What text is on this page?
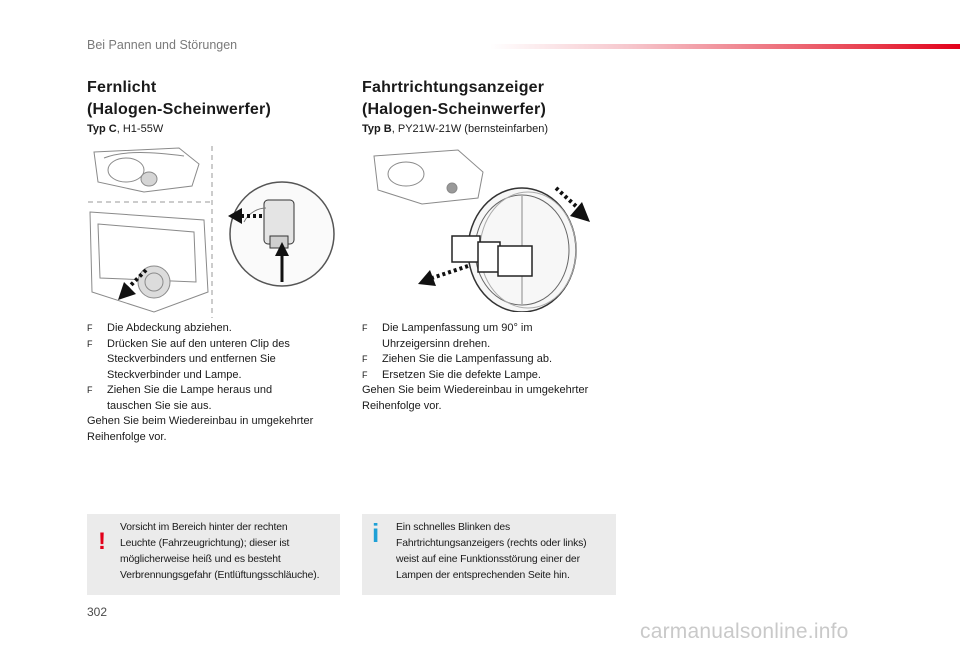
Bei Pannen und Störungen
Fernlicht
(Halogen-Scheinwerfer)
Typ C, H1-55W
F Die Abdeckung abziehen.
F Drücken Sie auf den unteren Clip des
Steckverbinders und entfernen Sie
Steckverbinder und Lampe.
F Ziehen Sie die Lampe heraus und
tauschen Sie sie aus.
Gehen Sie beim Wiedereinbau in umgekehrter
Reihenfolge vor.
!
Vorsicht im Bereich hinter der rechten
Leuchte (Fahrzeugrichtung); dieser ist
möglicherweise heiß und es besteht
Verbrennungsgefahr (Entlüftungsschläuche).
Fahrtrichtungsanzeiger
(Halogen-Scheinwerfer)
Typ B, PY21W-21W (bernsteinfarben)
F Die Lampenfassung um 90° im
Uhrzeigersinn drehen.
F Ziehen Sie die Lampenfassung ab.
F Ersetzen Sie die defekte Lampe.
Gehen Sie beim Wiedereinbau in umgekehrter
Reihenfolge vor.
i Ein schnelles Blinken des
Fahrtrichtungsanzeigers (rechts oder links)
weist auf eine Funktionsstörung einer der
Lampen der entsprechenden Seite hin.
302
carmanualsonline.info
